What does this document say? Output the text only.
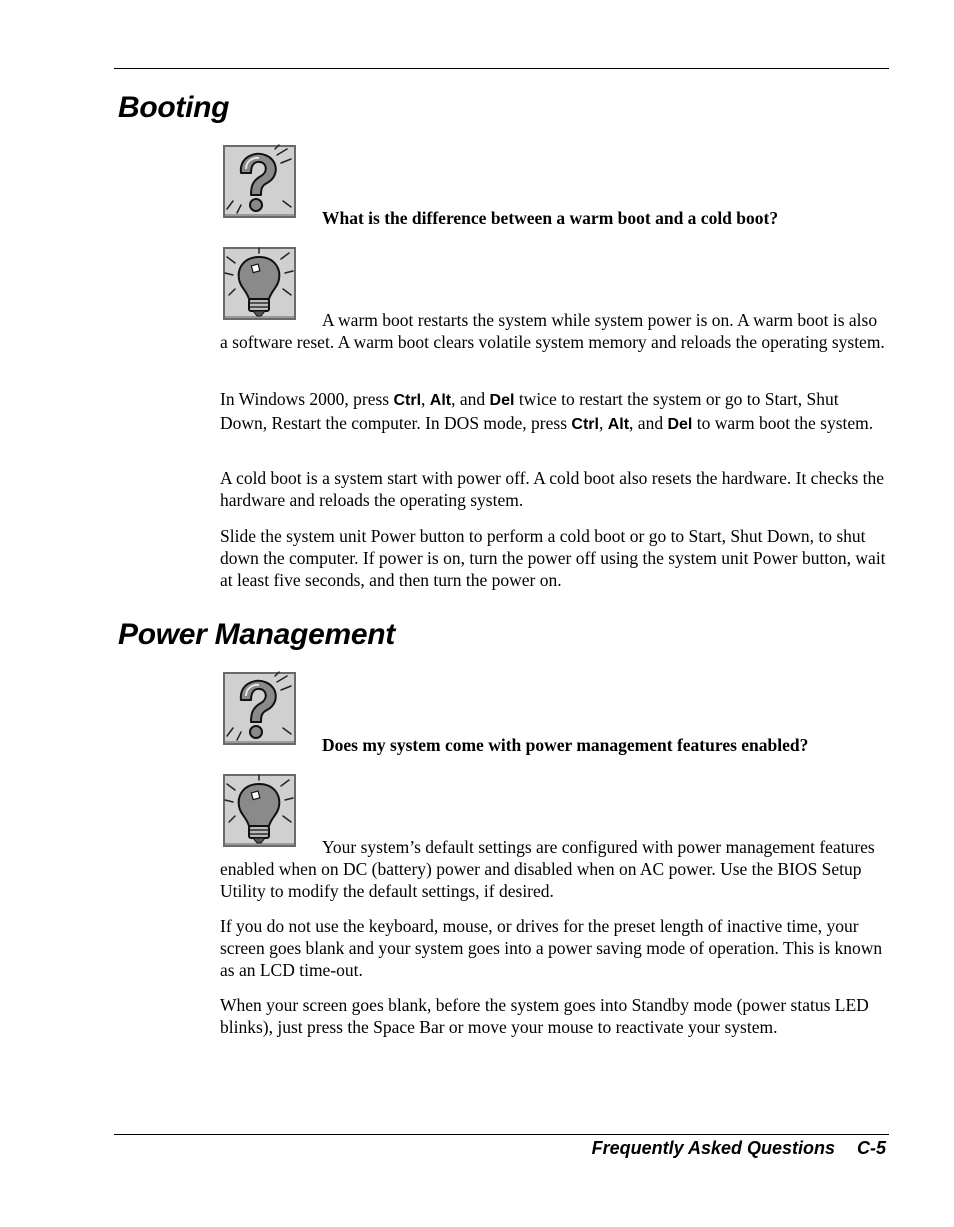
Booting

What is the difference between a warm boot and a cold boot?

A warm boot restarts the system while system power is on. A warm boot is also a software reset. A warm boot clears volatile system memory and reloads the operating system.

In Windows 2000, press Ctrl, Alt, and Del twice to restart the system or go to Start, Shut Down, Restart the computer. In DOS mode, press Ctrl, Alt, and Del to warm boot the system.

A cold boot is a system start with power off. A cold boot also resets the hardware. It checks the hardware and reloads the operating system.

Slide the system unit Power button to perform a cold boot or go to Start, Shut Down, to shut down the computer. If power is on, turn the power off using the system unit Power button, wait at least five seconds, and then turn the power on.

Power Management

Does my system come with power management features enabled?

Your system’s default settings are configured with power management features enabled when on DC (battery) power and disabled when on AC power. Use the BIOS Setup Utility to modify the default settings, if desired.

If you do not use the keyboard, mouse, or drives for the preset length of inactive time, your screen goes blank and your system goes into a power saving mode of operation. This is known as an LCD time-out.

When your screen goes blank, before the system goes into Standby mode (power status LED blinks), just press the Space Bar or move your mouse to reactivate your system.

Frequently Asked Questions C-5
